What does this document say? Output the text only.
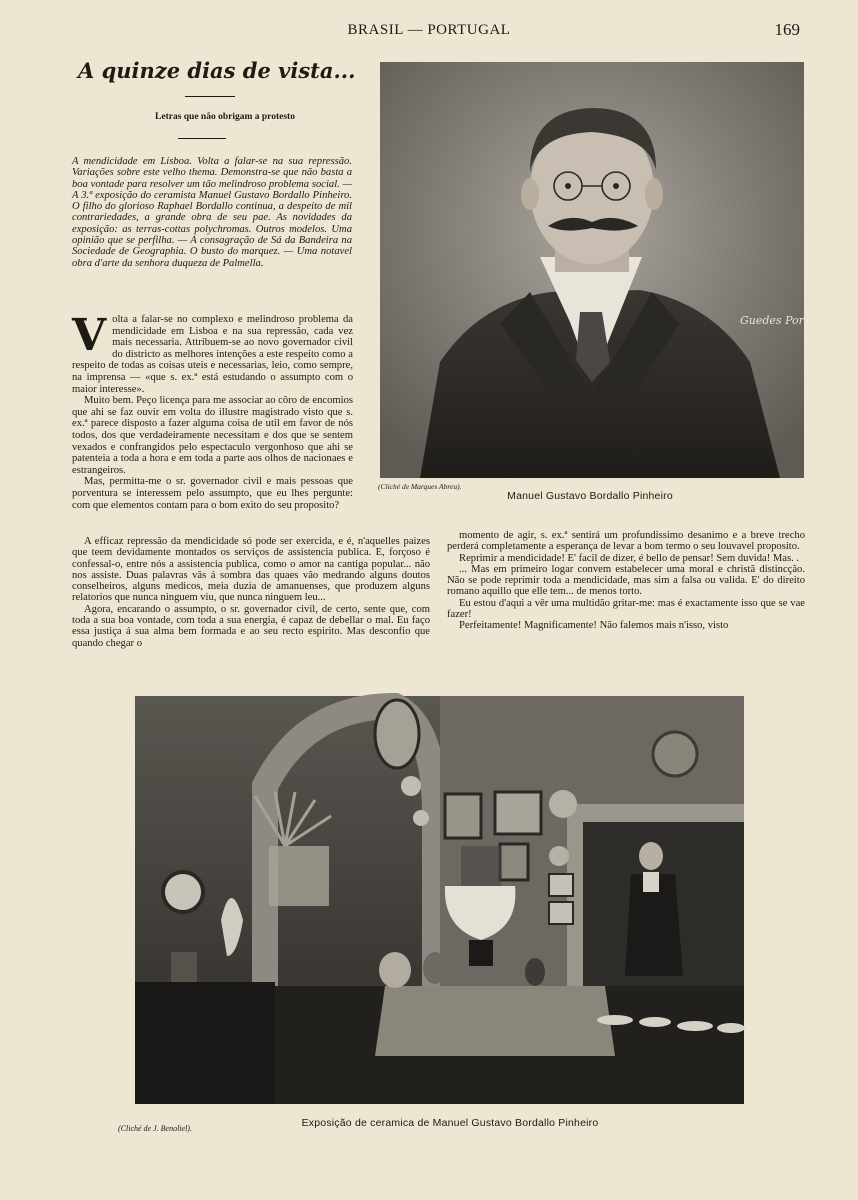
BRASIL — PORTUGAL	169
A quinze dias de vista...
Letras que não obrigam a protesto

A mendicidade em Lisboa. Volta a falar-se na sua repressão. Variações sobre este velho thema. Demonstra-se que não basta a boa vontade para resolver um tão melindroso problema social. — A 3.ª exposição do ceramista Manuel Gustavo Bordallo Pinheiro. O filho do glorioso Raphael Bordallo continua, a despeito de mil contrariedades, a grande obra de seu pae. As novidades da exposição: as terras-cottas polychromas. Outros modelos. Uma opinião que se perfilha. — A consagração de Sá da Bandeira na Sociedade de Geographia. O busto do marquez. — Uma notavel obra d'arte da senhora duqueza de Palmella.

Volta a falar-se no complexo e melindroso problema da mendicidade em Lisboa e na sua repressão, cada vez mais necessaria. Attribuem-se ao novo governador civil do districto as melhores intenções a este respeito como a respeito de todas as coisas uteis e necessarias, leio, como sempre, na imprensa — «que s. ex.ª está estudando o assumpto com o maior interesse».

Muito bem. Peço licença para me associar ao côro de encomios que ahi se faz ouvir em volta do illustre magistrado visto que s. ex.ª parece disposto a fazer alguma coisa de util em favor de nós todos, dos que verdadeiramente necessitam e dos que se sentem vexados e confrangidos pelo espectaculo vergonhoso que ahi se patenteia a toda a hora e em toda a parte aos olhos de nacionaes e estrangeiros.

Mas, permitta-me o sr. governador civil e mais pessoas que porventura se interessem pelo assumpto, que eu lhes pergunte: com que elementos contam para o bom exito do seu proposito?

A efficaz repressão da mendicidade só pode ser exercida, e é, n'aquelles paizes que teem devidamente montados os serviços de assistencia publica. E, forçoso é confessal-o, entre nós a assistencia publica, como o amor na cantiga popular... não nos assiste. Duas palavras vãs á sombra das quaes vão medrando alguns doutos conselheiros, alguns medicos, meia duzia de amanuenses, que produzem alguns relatorios que nunca ninguem viu, que nunca ninguem leu...

Agora, encarando o assumpto, o sr. governador civil, de certo, sente que, com toda a sua boa vontade, com toda a sua energia, é capaz de debellar o mal. Eu faço essa justiça á sua alma bem formada e ao seu recto espirito. Mas desconfio que quando chegar o

momento de agir, s. ex.ª sentirá um profundissimo desanimo e a breve trecho perderá completamente a esperança de levar a bom termo o seu louvavel proposito.

Reprimir a mendicidade! E' facil de dizer, é bello de pensar! Sem duvida! Mas. .

... Mas em primeiro logar convem estabelecer uma moral e christã distincção. Não se pode reprimir toda a mendicidade, mas sim a falsa ou valida. E' do direito romano aquillo que elle tem... de menos torto.

Eu estou d'aqui a vêr uma multidão gritar-me: mas é exactamente isso que se vae fazer!

Perfeitamente! Magnificamente! Não falemos mais n'isso, visto

Guedes Porto
(Cliché de Marques Abreu).
Manuel Gustavo Bordallo Pinheiro
(Cliché de J. Benoliel).	Exposição de ceramica de Manuel Gustavo Bordallo Pinheiro
